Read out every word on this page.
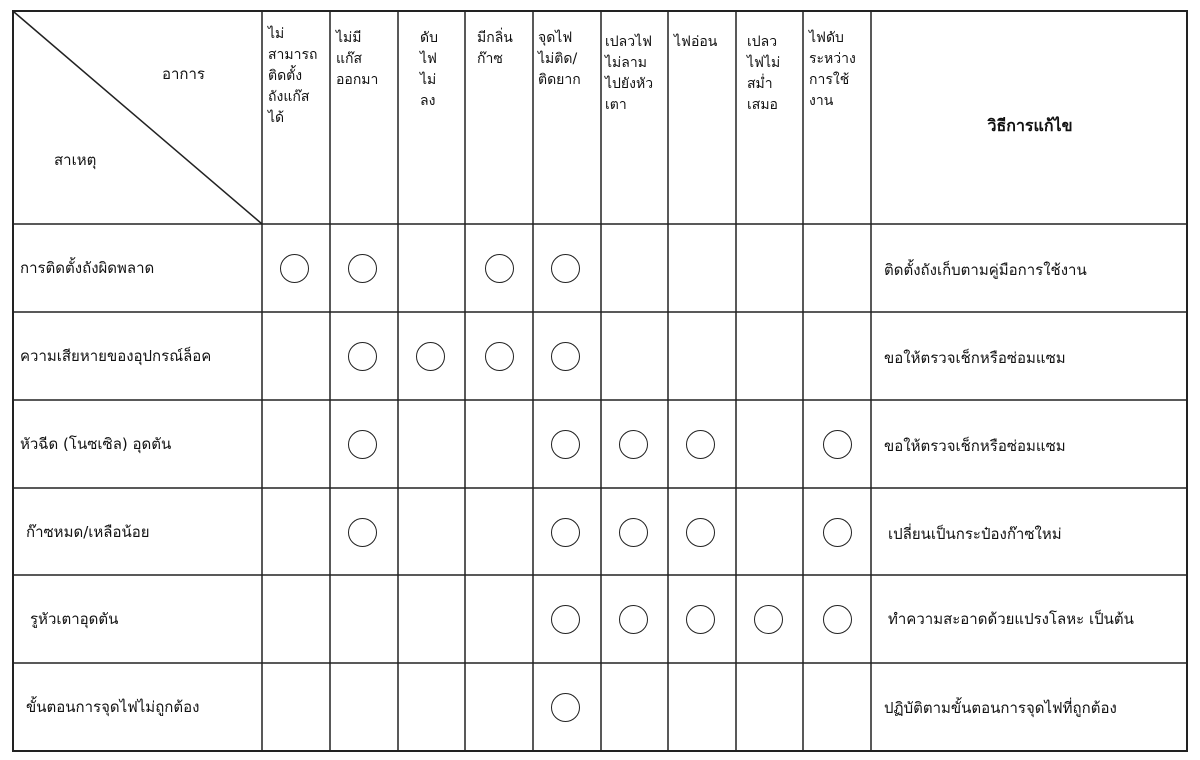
อาการ
สาเหตุ
ไม่
สามารถ
ติดตั้ง
ถังแก๊ส
ได้
ไม่มี
แก๊ส
ออกมา
ดับ
ไฟ
ไม่
ลง
มีกลิ่น
ก๊าซ
จุดไฟ
ไม่ติด/
ติดยาก
เปลวไฟ
ไม่ลาม
ไปยังหัว
เตา
ไฟอ่อน เปลว
ไฟไม่
สม่ำ
เสมอ
ไฟดับ
ระหว่าง
การใช้
งาน
วิธีการแก้ไข
การติดตั้งถังผิดพลาด
ความเสียหายของอุปกรณ์ล็อค
หัวฉีด (โนซเซิล) อุดตัน
ก๊าซหมด/เหลือน้อย
รูหัวเตาอุดตัน
ขั้นตอนการจุดไฟไม่ถูกต้อง
ติดตั้งถังเก็บตามคู่มือการใช้งาน
ขอให้ตรวจเช็กหรือซ่อมแซม
ขอให้ตรวจเช็กหรือซ่อมแซม
เปลี่ยนเป็นกระป๋องก๊าซใหม่
ทำความสะอาดด้วยแปรงโลหะ เป็นต้น
ปฏิบัติตามขั้นตอนการจุดไฟที่ถูกต้อง
